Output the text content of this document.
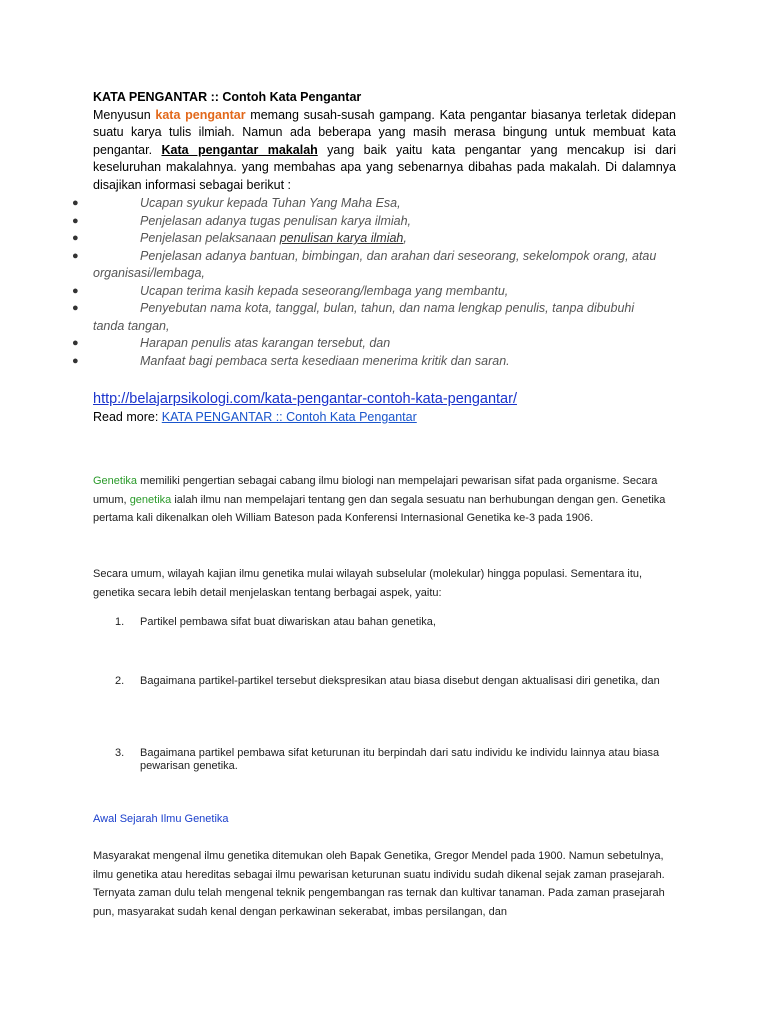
KATA PENGANTAR :: Contoh Kata Pengantar

Menyusun kata pengantar memang susah-susah gampang. Kata pengantar biasanya terletak didepan suatu karya tulis ilmiah. Namun ada beberapa yang masih merasa bingung untuk membuat kata pengantar. Kata pengantar makalah yang baik yaitu kata pengantar yang mencakup isi dari keseluruhan makalahnya. yang membahas apa yang sebenarnya dibahas pada makalah. Di dalamnya disajikan informasi sebagai berikut :

●	Ucapan syukur kepada Tuhan Yang Maha Esa,
●	Penjelasan adanya tugas penulisan karya ilmiah,
●	Penjelasan pelaksanaan penulisan karya ilmiah,
●	Penjelasan adanya bantuan, bimbingan, dan arahan dari seseorang, sekelompok orang, atau
organisasi/lembaga,
●	Ucapan terima kasih kepada seseorang/lembaga yang membantu,
●	Penyebutan nama kota, tanggal, bulan, tahun, dan nama lengkap penulis, tanpa dibubuhi
tanda tangan,
●	Harapan penulis atas karangan tersebut, dan
●	Manfaat bagi pembaca serta kesediaan menerima kritik dan saran.
http://belajarpsikologi.com/kata-pengantar-contoh-kata-pengantar/
Read more: KATA PENGANTAR :: Contoh Kata Pengantar
Genetika memiliki pengertian sebagai cabang ilmu biologi nan mempelajari pewarisan sifat pada organisme. Secara umum, genetika ialah ilmu nan mempelajari tentang gen dan segala sesuatu nan berhubungan dengan gen. Genetika pertama kali dikenalkan oleh William Bateson pada Konferensi Internasional Genetika ke-3 pada 1906.
Secara umum, wilayah kajian ilmu genetika mulai wilayah subselular (molekular) hingga populasi. Sementara itu, genetika secara lebih detail menjelaskan tentang berbagai aspek, yaitu:
1.	Partikel pembawa sifat buat diwariskan atau bahan genetika,
2.	Bagaimana partikel-partikel tersebut diekspresikan atau biasa disebut dengan aktualisasi diri genetika, dan
3.	Bagaimana partikel pembawa sifat keturunan itu berpindah dari satu individu ke individu lainnya atau biasa pewarisan genetika.
Awal Sejarah Ilmu Genetika
Masyarakat mengenal ilmu genetika ditemukan oleh Bapak Genetika, Gregor Mendel pada 1900. Namun sebetulnya, ilmu genetika atau hereditas sebagai ilmu pewarisan keturunan suatu individu sudah dikenal sejak zaman prasejarah. Ternyata zaman dulu telah mengenal teknik pengembangan ras ternak dan kultivar tanaman. Pada zaman prasejarah pun, masyarakat sudah kenal dengan perkawinan sekerabat, imbas persilangan, dan
